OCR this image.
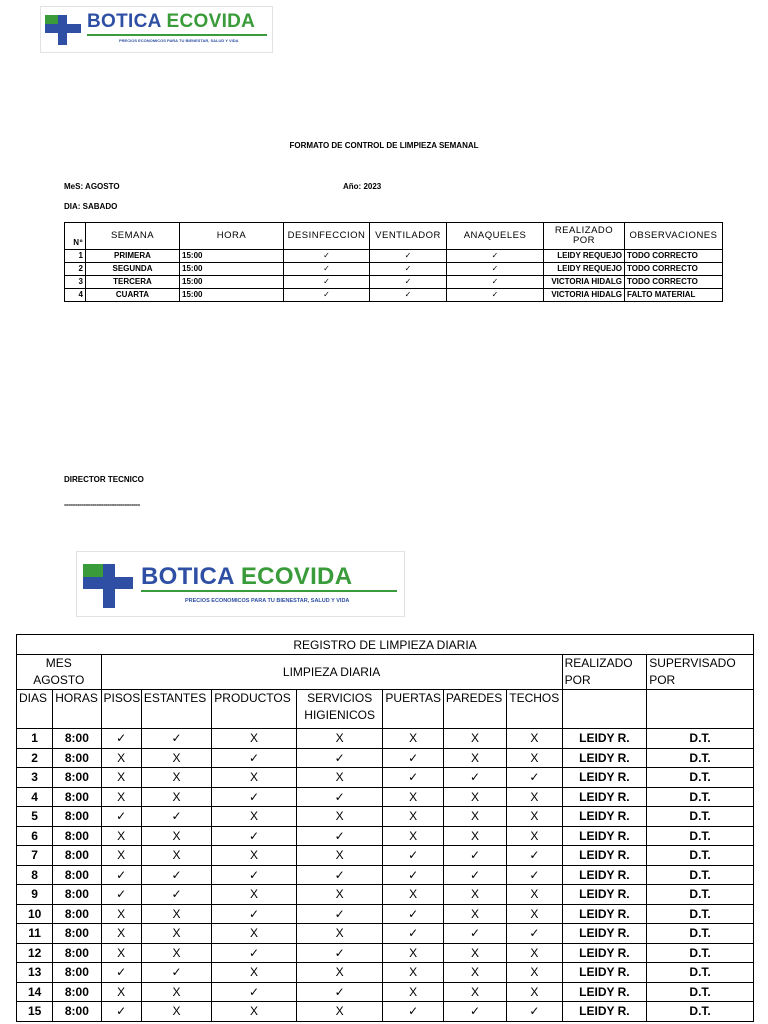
BOTICA ECOVIDA
PRECIOS ECONOMICOS PARA TU BIENESTAR, SALUD Y VIDA
FORMATO DE CONTROL DE LIMPIEZA SEMANAL
MeS: AGOSTO	Año: 2023
DIA: SABADO
Nº	SEMANA	HORA	DESINFECCION	VENTILADOR	ANAQUELES	REALIZADO POR	OBSERVACIONES
1	PRIMERA	15:00	✓	✓	✓	LEIDY REQUEJO	TODO CORRECTO
2	SEGUNDA	15:00	✓	✓	✓	LEIDY REQUEJO	TODO CORRECTO
3	TERCERA	15:00	✓	✓	✓	VICTORIA HIDALG	TODO CORRECTO
4	CUARTA	15:00	✓	✓	✓	VICTORIA HIDALG	FALTO MATERIAL
DIRECTOR TECNICO
-----------------------------------
BOTICA ECOVIDA
PRECIOS ECONOMICOS PARA TU BIENESTAR, SALUD Y VIDA
REGISTRO DE LIMPIEZA DIARIA										

MES
AGOSTO		LIMPIEZA DIARIA							REALIZADO POR	SUPERVISADO POR
DIAS	HORAS	PISOS	ESTANTES	PRODUCTOS	SERVICIOS HIGIENICOS	PUERTAS	PAREDES	TECHOS		
1	8:00	✓	✓	X	X	X	X	X	LEIDY R.	D.T.
2	8:00	X	X	✓	✓	✓	X	X	LEIDY R.	D.T.
3	8:00	X	X	X	X	✓	✓	✓	LEIDY R.	D.T.
4	8:00	X	X	✓	✓	X	X	X	LEIDY R.	D.T.
5	8:00	✓	✓	X	X	X	X	X	LEIDY R.	D.T.
6	8:00	X	X	✓	✓	X	X	X	LEIDY R.	D.T.
7	8:00	X	X	X	X	✓	✓	✓	LEIDY R.	D.T.
8	8:00	✓	✓	✓	✓	✓	✓	✓	LEIDY R.	D.T.
9	8:00	✓	✓	X	X	X	X	X	LEIDY R.	D.T.
10	8:00	X	X	✓	✓	✓	X	X	LEIDY R.	D.T.
11	8:00	X	X	X	X	✓	✓	✓	LEIDY R.	D.T.
12	8:00	X	X	✓	✓	X	X	X	LEIDY R.	D.T.
13	8:00	✓	✓	X	X	X	X	X	LEIDY R.	D.T.
14	8:00	X	X	✓	✓	X	X	X	LEIDY R.	D.T.
15	8:00	✓	X	X	X	✓	✓	✓	LEIDY R.	D.T.
